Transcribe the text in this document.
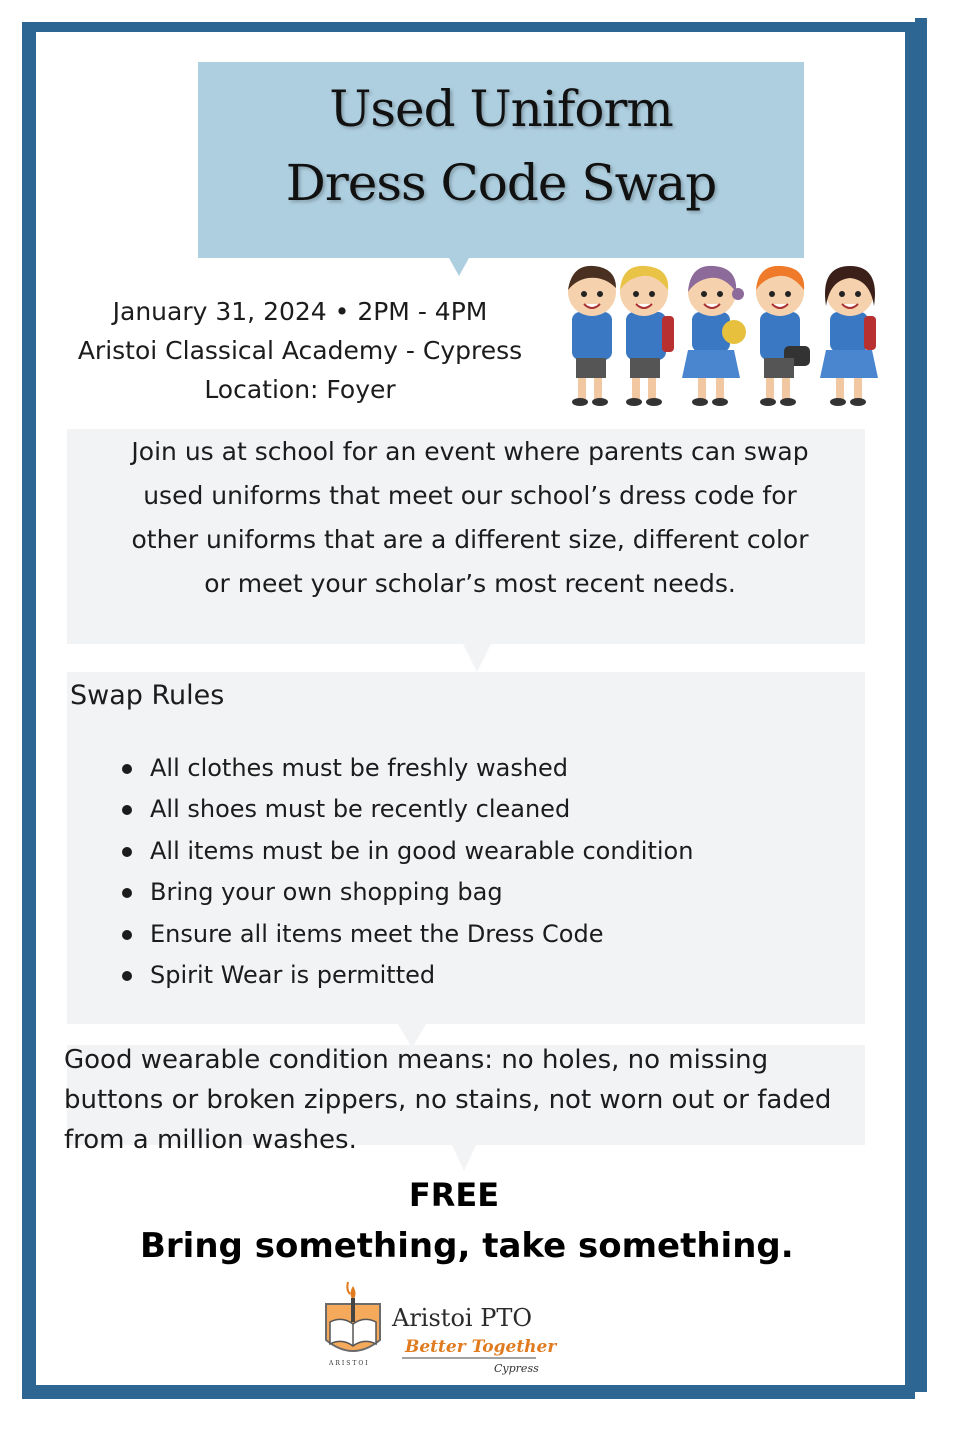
Used Uniform
Dress Code Swap
January 31, 2024 • 2PM - 4PM
Aristoi Classical Academy - Cypress
Location: Foyer
Join us at school for an event where parents can swap used uniforms that meet our school’s dress code for other uniforms that are a different size, different color or meet your scholar’s most recent needs.
Swap Rules
All clothes must be freshly washed
All shoes must be recently cleaned
All items must be in good wearable condition
Bring your own shopping bag
Ensure all items meet the Dress Code
Spirit Wear is permitted
Good wearable condition means: no holes, no missing buttons or broken zippers, no stains, not worn out or faded from a million washes.
FREE
Bring something, take something.
Aristoi PTO
Better Together
Cypress
ARISTOI
